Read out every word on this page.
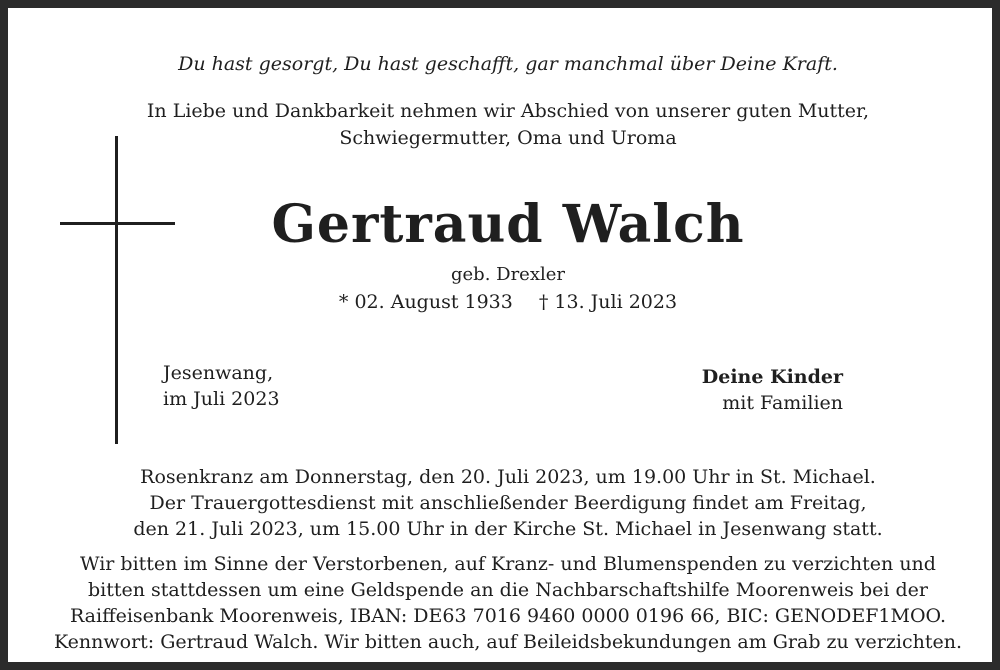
Du hast gesorgt, Du hast geschafft, gar manchmal über Deine Kraft.
In Liebe und Dankbarkeit nehmen wir Abschied von unserer guten Mutter,
Schwiegermutter, Oma und Uroma
Gertraud Walch
geb. Drexler
* 02. August 1933 † 13. Juli 2023
Jesenwang,
im Juli 2023
Deine Kinder
mit Familien
Rosenkranz am Donnerstag, den 20. Juli 2023, um 19.00 Uhr in St. Michael.
Der Trauergottesdienst mit anschließender Beerdigung findet am Freitag,
den 21. Juli 2023, um 15.00 Uhr in der Kirche St. Michael in Jesenwang statt.
Wir bitten im Sinne der Verstorbenen, auf Kranz- und Blumenspenden zu verzichten und
bitten stattdessen um eine Geldspende an die Nachbarschaftshilfe Moorenweis bei der
Raiffeisenbank Moorenweis, IBAN: DE63 7016 9460 0000 0196 66, BIC: GENODEF1MOO.
Kennwort: Gertraud Walch. Wir bitten auch, auf Beileidsbekundungen am Grab zu verzichten.
